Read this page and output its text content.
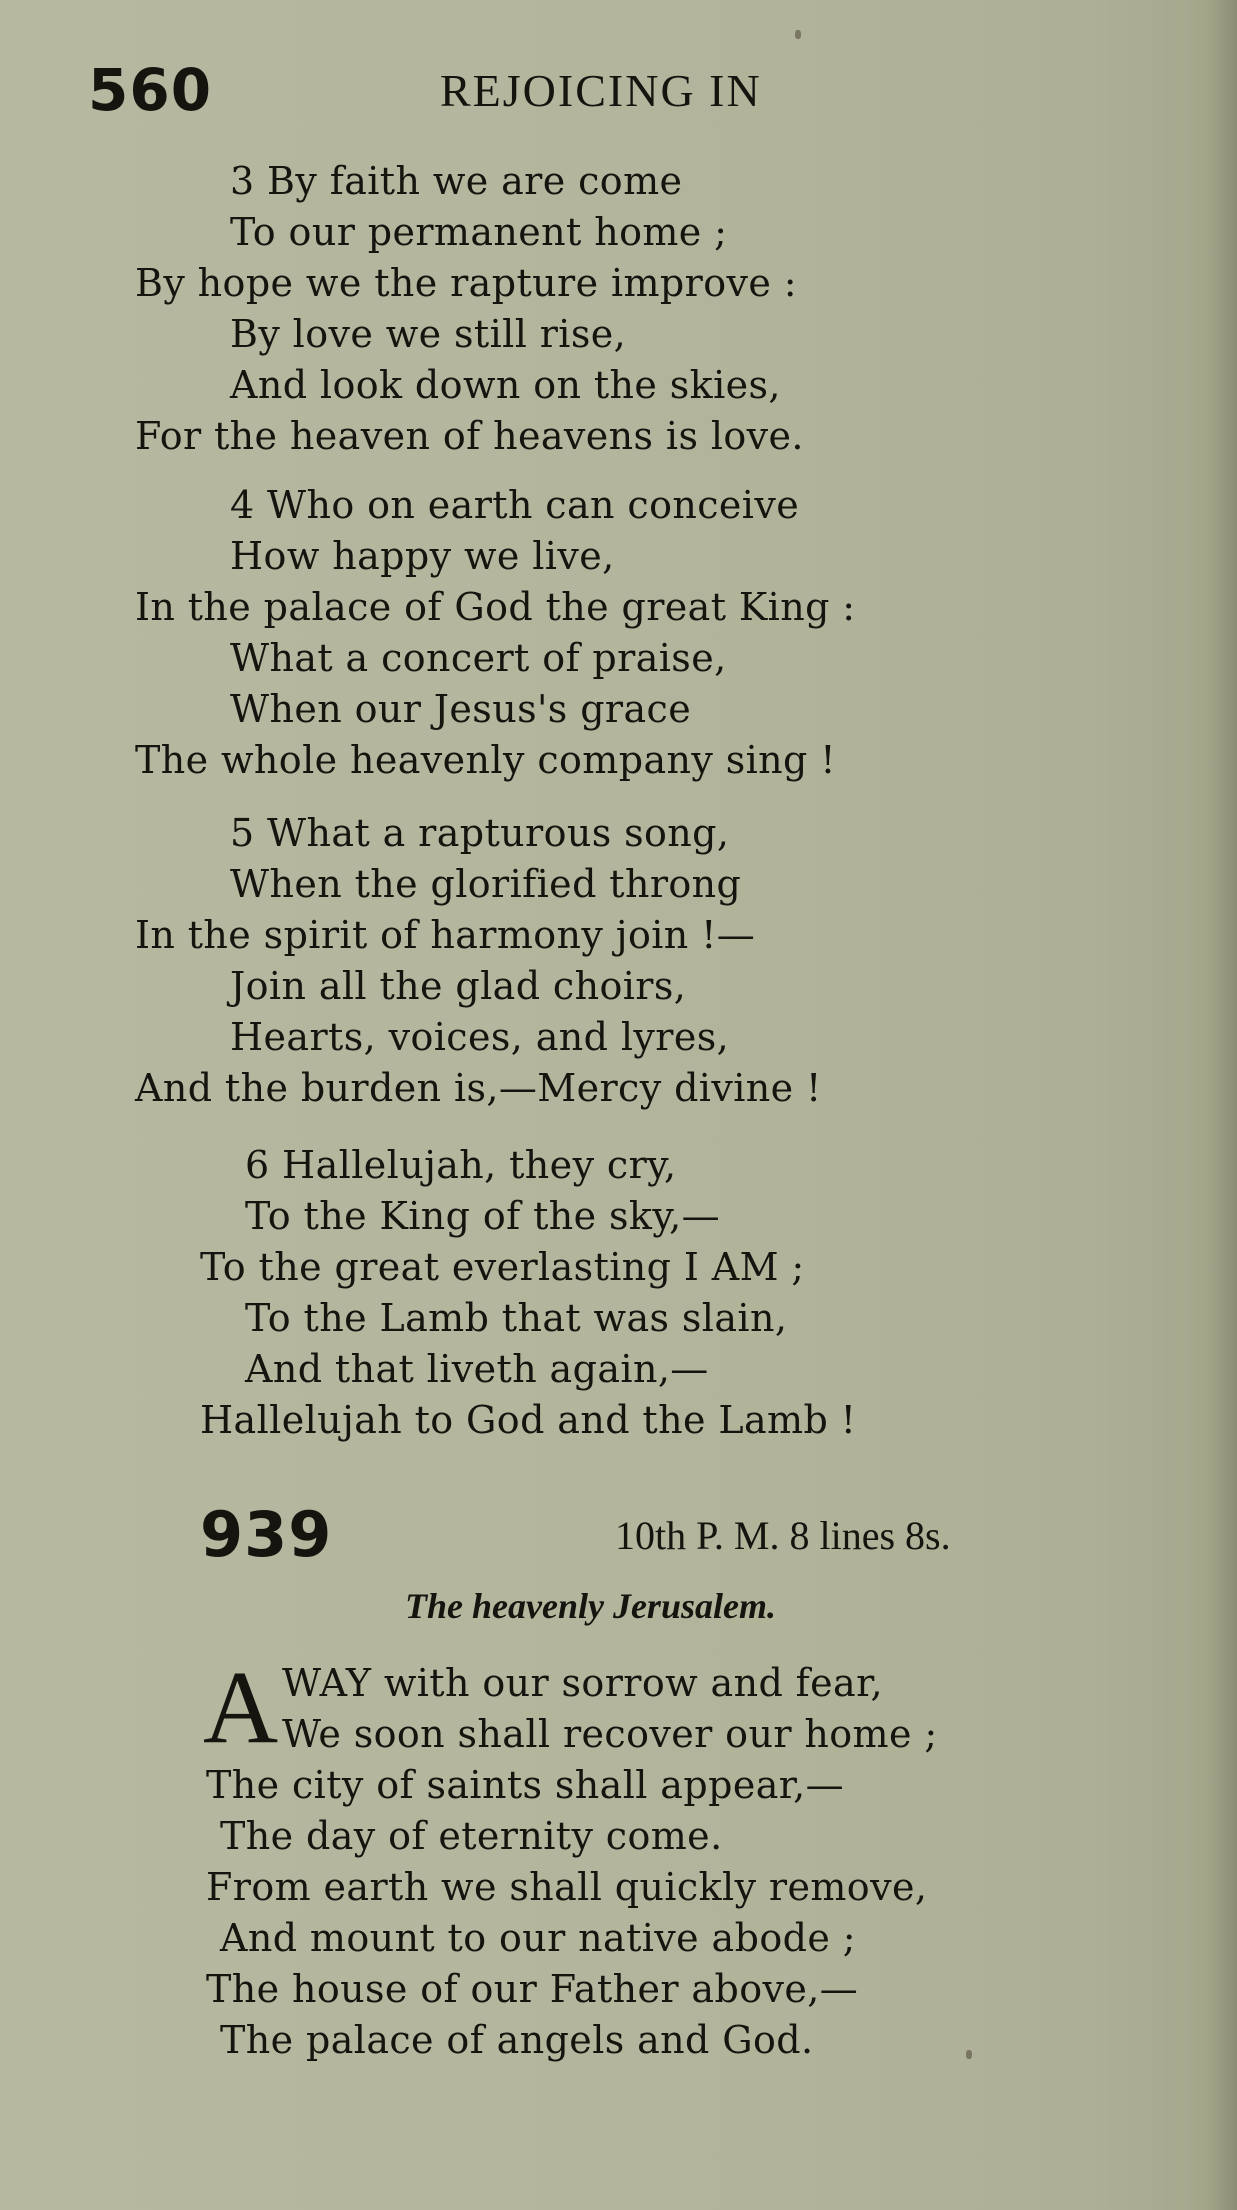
560	REJOICING IN
3 By faith we are come
To our permanent home ;
By hope we the rapture improve :
By love we still rise,
And look down on the skies,
For the heaven of heavens is love.
4 Who on earth can conceive
How happy we live,
In the palace of God the great King :
What a concert of praise,
When our Jesus's grace
The whole heavenly company sing !
5 What a rapturous song,
When the glorified throng
In the spirit of harmony join !—
Join all the glad choirs,
Hearts, voices, and lyres,
And the burden is,—Mercy divine !
6 Hallelujah, they cry,
To the King of the sky,—
To the great everlasting I AM ;
To the Lamb that was slain,
And that liveth again,—
Hallelujah to God and the Lamb !
939	10th P. M. 8 lines 8s.
The heavenly Jerusalem.
A WAY with our sorrow and fear,
We soon shall recover our home ;
The city of saints shall appear,—
The day of eternity come.
From earth we shall quickly remove,
And mount to our native abode ;
The house of our Father above,—
The palace of angels and God.
